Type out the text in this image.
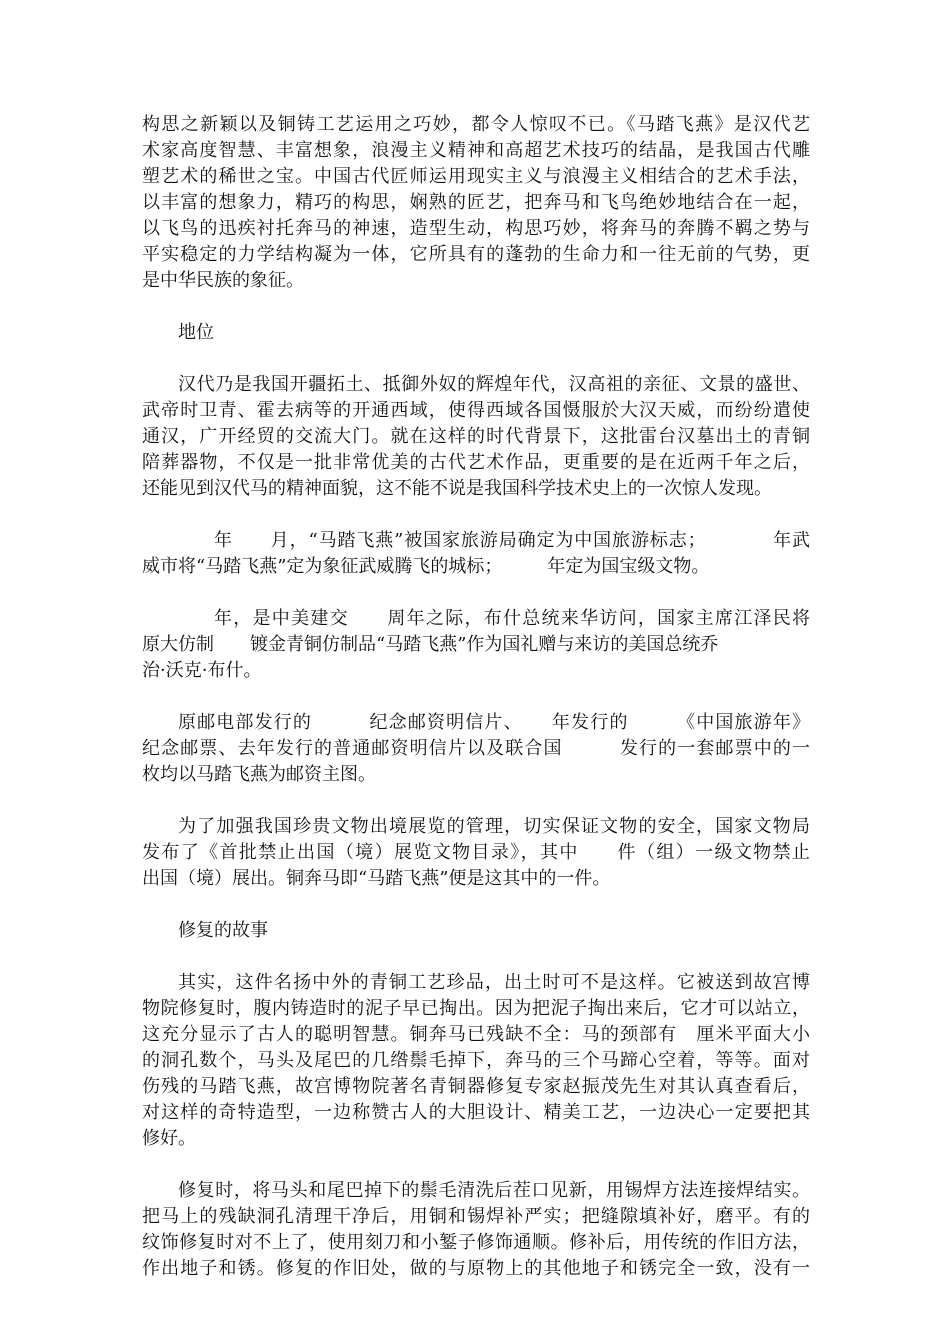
构思之新颖以及铜铸工艺运用之巧妙，都令人惊叹不已。《马踏飞燕》是汉代艺
术家高度智慧、丰富想象，浪漫主义精神和高超艺术技巧的结晶，是我国古代雕
塑艺术的稀世之宝。中国古代匠师运用现实主义与浪漫主义相结合的艺术手法，
以丰富的想象力，精巧的构思，娴熟的匠艺，把奔马和飞鸟绝妙地结合在一起，
以飞鸟的迅疾衬托奔马的神速，造型生动，构思巧妙，将奔马的奔腾不羁之势与
平实稳定的力学结构凝为一体，它所具有的蓬勃的生命力和一往无前的气势，更
是中华民族的象征。
地位
汉代乃是我国开疆拓土、抵御外奴的辉煌年代，汉高祖的亲征、文景的盛世、
武帝时卫青、霍去病等的开通西域，使得西域各国慑服於大汉天威，而纷纷遣使
通汉，广开经贸的交流大门。就在这样的时代背景下，这批雷台汉墓出土的青铜
陪葬器物，不仅是一批非常优美的古代艺术作品，更重要的是在近两千年之后，
还能见到汉代马的精神面貌，这不能不说是我国科学技术史上的一次惊人发现。
年　　月，“马踏飞燕”被国家旅游局确定为中国旅游标志；　　　　年武
威市将“马踏飞燕”定为象征武威腾飞的城标；　　　年定为国宝级文物。
年，是中美建交　　周年之际，布什总统来华访问，国家主席江泽民将
原大仿制　　镀金青铜仿制品“马踏飞燕”作为国礼赠与来访的美国总统乔
治·沃克·布什。
原邮电部发行的　　　纪念邮资明信片、　　年发行的　　　《中国旅游年》
纪念邮票、去年发行的普通邮资明信片以及联合国　　　发行的一套邮票中的一
枚均以马踏飞燕为邮资主图。
为了加强我国珍贵文物出境展览的管理，切实保证文物的安全，国家文物局
发布了《首批禁止出国（境）展览文物目录》，其中　　件（组）一级文物禁止
出国（境）展出。铜奔马即“马踏飞燕”便是这其中的一件。
修复的故事
其实，这件名扬中外的青铜工艺珍品，出土时可不是这样。它被送到故宫博
物院修复时，腹内铸造时的泥子早已掏出。因为把泥子掏出来后，它才可以站立，
这充分显示了古人的聪明智慧。铜奔马已残缺不全：马的颈部有　厘米平面大小
的洞孔数个，马头及尾巴的几绺鬃毛掉下，奔马的三个马蹄心空着，等等。面对
伤残的马踏飞燕，故宫博物院著名青铜器修复专家赵振茂先生对其认真查看后，
对这样的奇特造型，一边称赞古人的大胆设计、精美工艺，一边决心一定要把其
修好。
修复时，将马头和尾巴掉下的鬃毛清洗后茬口见新，用锡焊方法连接焊结实。
把马上的残缺洞孔清理干净后，用铜和锡焊补严实；把缝隙填补好，磨平。有的
纹饰修复时对不上了，使用刻刀和小錾子修饰通顺。修补后，用传统的作旧方法，
作出地子和锈。修复的作旧处，做的与原物上的其他地子和锈完全一致，没有一
